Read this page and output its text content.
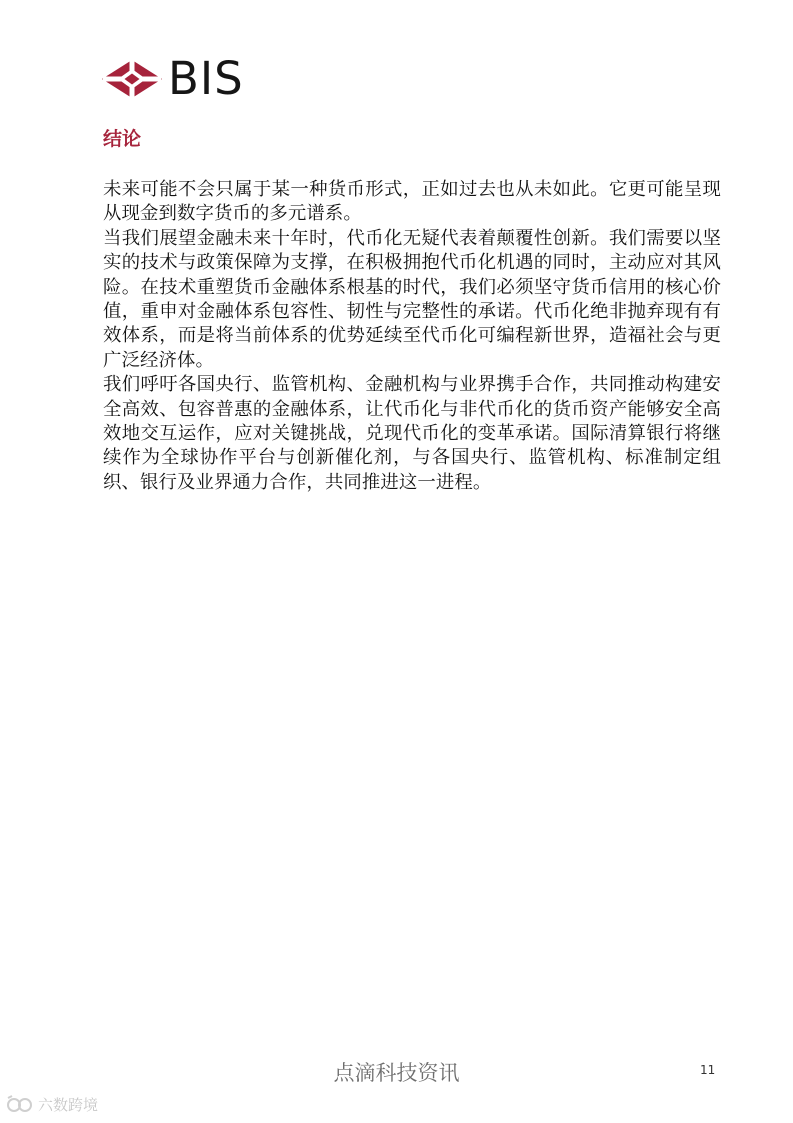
BIS
结论

未来可能不会只属于某一种货币形式，正如过去也从未如此。它更可能呈现从现金到数字货币的多元谱系。

当我们展望金融未来十年时，代币化无疑代表着颠覆性创新。我们需要以坚实的技术与政策保障为支撑，在积极拥抱代币化机遇的同时，主动应对其风险。在技术重塑货币金融体系根基的时代，我们必须坚守货币信用的核心价值，重申对金融体系包容性、韧性与完整性的承诺。代币化绝非抛弃现有有效体系，而是将当前体系的优势延续至代币化可编程新世界，造福社会与更广泛经济体。

我们呼吁各国央行、监管机构、金融机构与业界携手合作，共同推动构建安全高效、包容普惠的金融体系，让代币化与非代币化的货币资产能够安全高效地交互运作，应对关键挑战，兑现代币化的变革承诺。国际清算银行将继续作为全球协作平台与创新催化剂，与各国央行、监管机构、标准制定组织、银行及业界通力合作，共同推进这一进程。

点滴科技资讯	11
六数跨境
